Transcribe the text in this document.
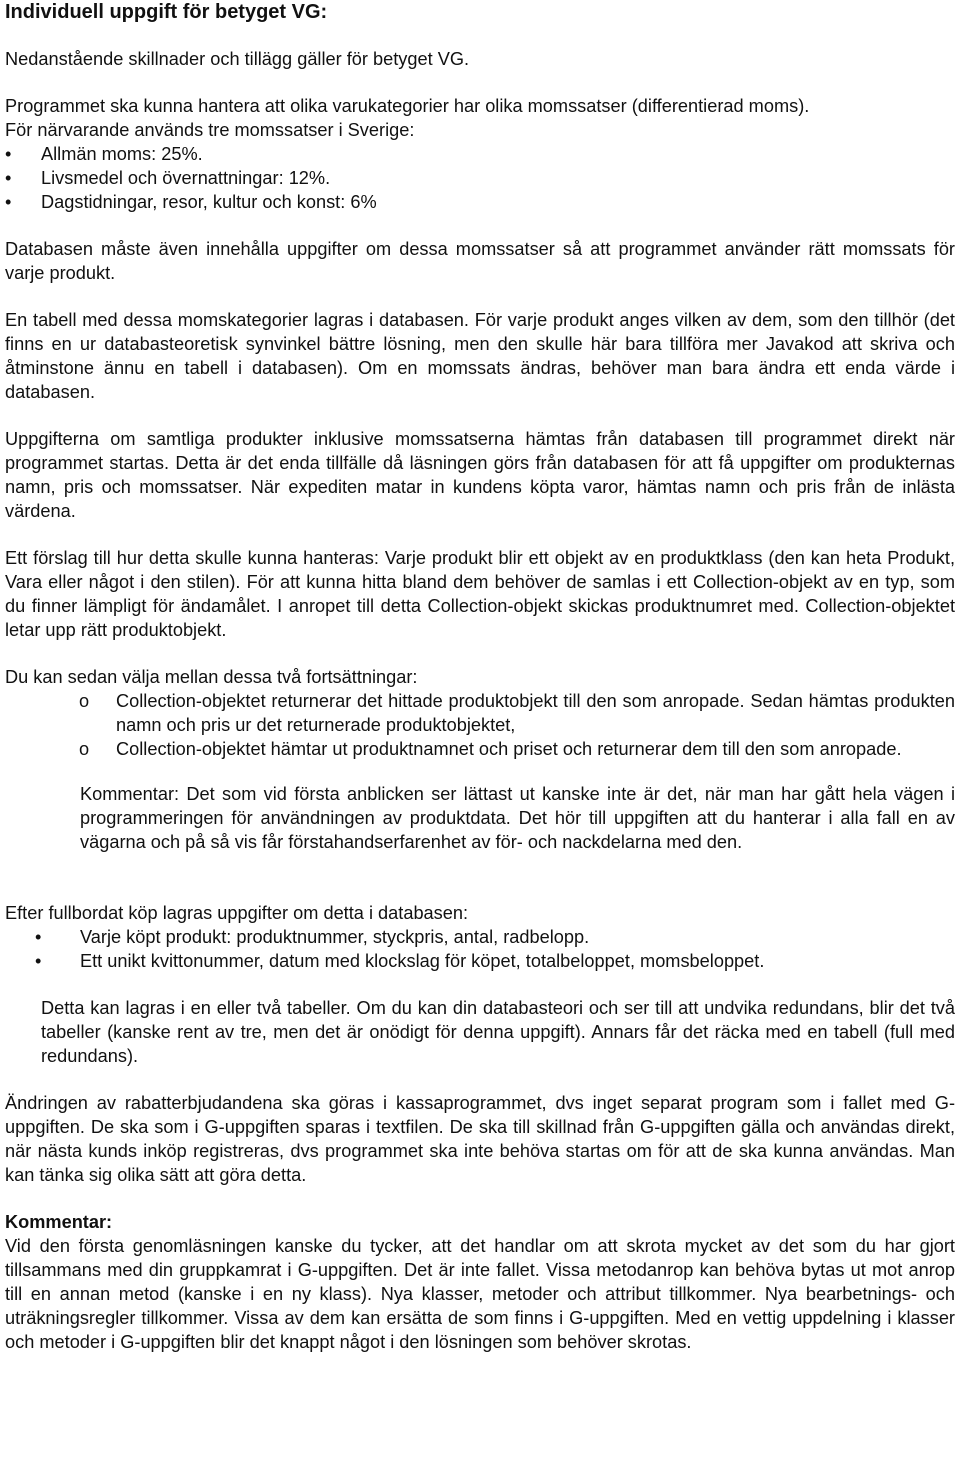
Individuell uppgift för betyget VG:

Nedanstående skillnader och tillägg gäller för betyget VG.

Programmet ska kunna hantera att olika varukategorier har olika momssatser (differentierad moms).

För närvarande används tre momssatser i Sverige:

• Allmän moms: 25%.
• Livsmedel och övernattningar: 12%.
• Dagstidningar, resor, kultur och konst: 6%

Databasen måste även innehålla uppgifter om dessa momssatser så att programmet använder rätt momssats för varje produkt.

En tabell med dessa momskategorier lagras i databasen. För varje produkt anges vilken av dem, som den tillhör (det finns en ur databasteoretisk synvinkel bättre lösning, men den skulle här bara tillföra mer Javakod att skriva och åtminstone ännu en tabell i databasen). Om en momssats ändras, behöver man bara ändra ett enda värde i databasen.

Uppgifterna om samtliga produkter inklusive momssatserna hämtas från databasen till programmet direkt när programmet startas. Detta är det enda tillfälle då läsningen görs från databasen för att få uppgifter om produkternas namn, pris och momssatser. När expediten matar in kundens köpta varor, hämtas namn och pris från de inlästa värdena.

Ett förslag till hur detta skulle kunna hanteras: Varje produkt blir ett objekt av en produktklass (den kan heta Produkt, Vara eller något i den stilen). För att kunna hitta bland dem behöver de samlas i ett Collection-objekt av en typ, som du finner lämpligt för ändamålet. I anropet till detta Collection-objekt skickas produktnumret med. Collection-objektet letar upp rätt produktobjekt.

Du kan sedan välja mellan dessa två fortsättningar:

o Collection-objektet returnerar det hittade produktobjekt till den som anropade. Sedan hämtas produkten namn och pris ur det returnerade produktobjektet,
o Collection-objektet hämtar ut produktnamnet och priset och returnerar dem till den som anropade.

Kommentar: Det som vid första anblicken ser lättast ut kanske inte är det, när man har gått hela vägen i programmeringen för användningen av produktdata. Det hör till uppgiften att du hanterar i alla fall en av vägarna och på så vis får förstahandserfarenhet av för- och nackdelarna med den.

Efter fullbordat köp lagras uppgifter om detta i databasen:

• Varje köpt produkt: produktnummer, styckpris, antal, radbelopp.
• Ett unikt kvittonummer, datum med klockslag för köpet, totalbeloppet, momsbeloppet.

Detta kan lagras i en eller två tabeller. Om du kan din databasteori och ser till att undvika redundans, blir det två tabeller (kanske rent av tre, men det är onödigt för denna uppgift). Annars får det räcka med en tabell (full med redundans).

Ändringen av rabatterbjudandena ska göras i kassaprogrammet, dvs inget separat program som i fallet med G-uppgiften. De ska som i G-uppgiften sparas i textfilen. De ska till skillnad från G-uppgiften gälla och användas direkt, när nästa kunds inköp registreras, dvs programmet ska inte behöva startas om för att de ska kunna användas. Man kan tänka sig olika sätt att göra detta.

Kommentar:

Vid den första genomläsningen kanske du tycker, att det handlar om att skrota mycket av det som du har gjort tillsammans med din gruppkamrat i G-uppgiften. Det är inte fallet. Vissa metodanrop kan behöva bytas ut mot anrop till en annan metod (kanske i en ny klass). Nya klasser, metoder och attribut tillkommer. Nya bearbetnings- och uträkningsregler tillkommer. Vissa av dem kan ersätta de som finns i G-uppgiften. Med en vettig uppdelning i klasser och metoder i G-uppgiften blir det knappt något i den lösningen som behöver skrotas.
